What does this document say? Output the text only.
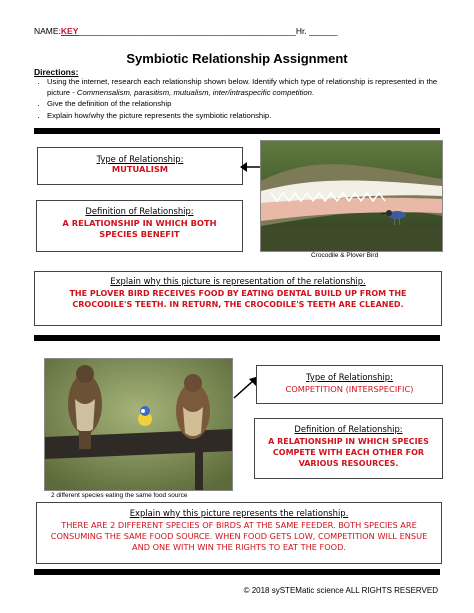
NAME:KEY______________________________________________Hr. ______
Symbiotic Relationship Assignment
Directions:
• Using the internet, research each relationship shown below. Identify which type of relationship is represented in the picture - Commensalism, parasitism, mutualism, inter/intraspecific competition.
• Give the definition of the relationship
• Explain how/why the picture represents the symbiotic relationship.
Type of Relationship:
MUTUALISM
Crocodile & Plover Bird
Definition of Relationship:
A RELATIONSHIP IN WHICH BOTH SPECIES BENEFIT
Explain why this picture is representation of the relationship.
THE PLOVER BIRD RECEIVES FOOD BY EATING DENTAL BUILD UP FROM THE CROCODILE'S TEETH. IN RETURN, THE CROCODILE'S TEETH ARE CLEANED.
2 different species eating the same food source
Type of Relationship:
COMPETITION (INTERSPECIFIC)
Definition of Relationship:
A RELATIONSHIP IN WHICH SPECIES COMPETE WITH EACH OTHER FOR VARIOUS RESOURCES.
Explain why this picture represents the relationship.
THERE ARE 2 DIFFERENT SPECIES OF BIRDS AT THE SAME FEEDER. BOTH SPECIES ARE CONSUMING THE SAME FOOD SOURCE. WHEN FOOD GETS LOW, COMPETITION WILL ENSUE AND ONE WITH WIN THE RIGHTS TO EAT THE FOOD.
© 2018 sySTEMatic science ALL RIGHTS RESERVED
